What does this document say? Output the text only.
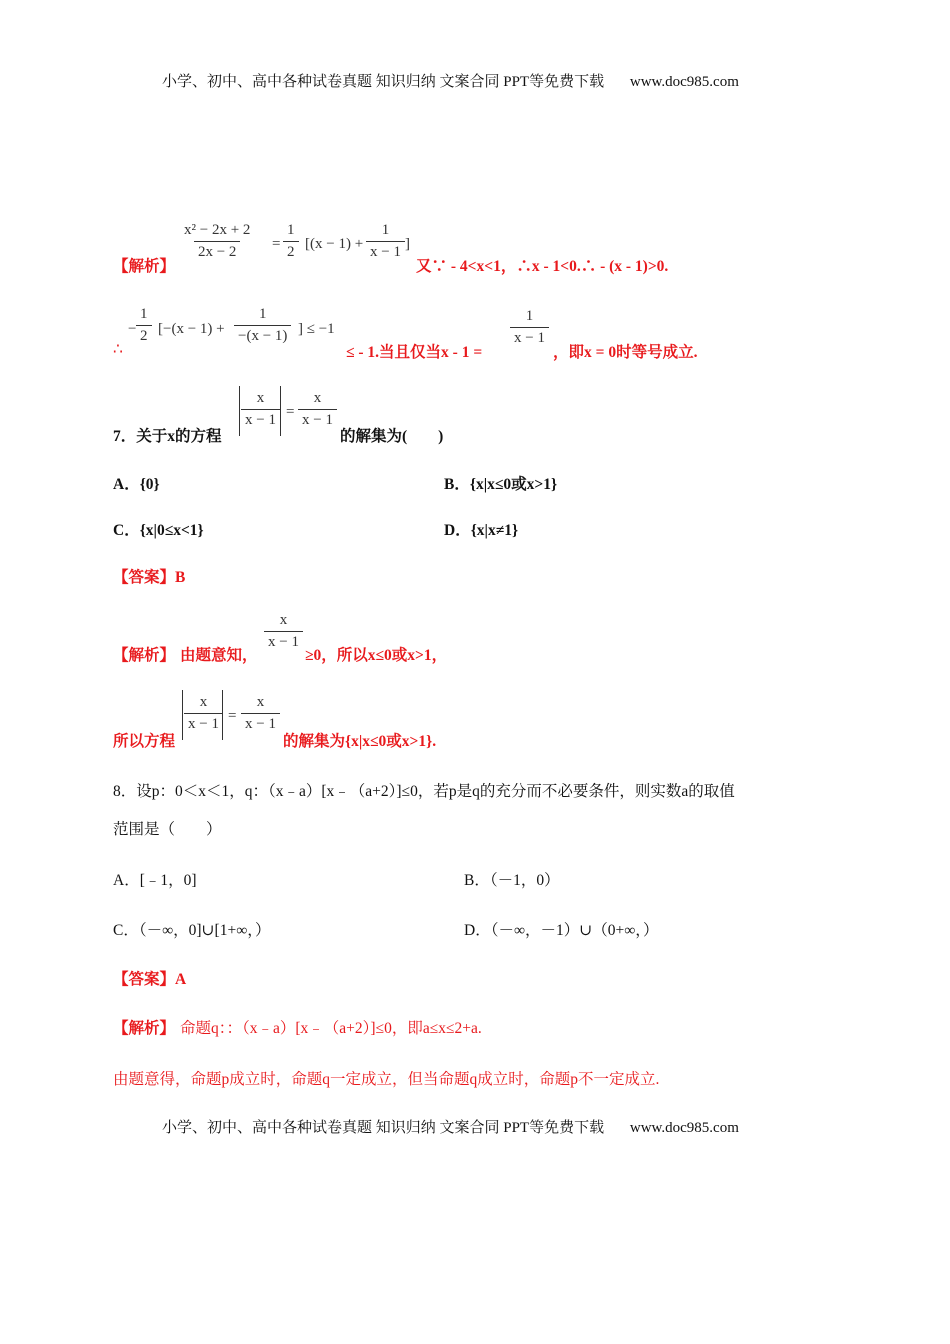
小学、初中、高中各种试卷真题 知识归纳 文案合同 PPT等免费下载 www.doc985.com
【解析】
$\frac{\text{x² − 2x + 2}}{2x - 2} = \frac{1}{2} [(x - 1) + \frac{1}{x - 1}$ ]
又∵ - 4<x<1，∴x - 1<0.∴ - (x - 1)>0.
− $\frac{1}{2} [-(x - 1) + \frac{1}{-(x - 1)}$ ] ≤ −1
∴	≤ - 1.当且仅当x - 1 =
$\frac{1}{x - 1}$
，即x = 0时等号成立.
7．关于x的方程
$\frac{x}{x - 1} = \frac{x}{x - 1}$
的解集为(　　)
A．{0}	B．{x|x≤0或x>1}
C．{x|0≤x<1}	D．{x|x≠1}
【答案】B
【解析】 由题意知，
$\frac{x}{x - 1}$
≥0，所以x≤0或x>1，
所以方程
$\frac{x}{x - 1} = \frac{x}{x - 1}$
的解集为{x|x≤0或x>1}.
8．设p：0＜x＜1，q：（x﹣a）[x﹣（a+2）]≤0，若p是q的充分而不必要条件，则实数a的取值
范围是（　　）
A．[﹣1，0]	B．（－1，0）
C．（－∞，0]∪[1+∞，）	D．（－∞，－1）∪（0+∞，）
【答案】A
【解析】 命题q：：（x﹣a）[x﹣（a+2）]≤0，即a≤x≤2+a.
由题意得，命题p成立时，命题q一定成立，但当命题q成立时，命题p不一定成立.
小学、初中、高中各种试卷真题 知识归纳 文案合同 PPT等免费下载 www.doc985.com
